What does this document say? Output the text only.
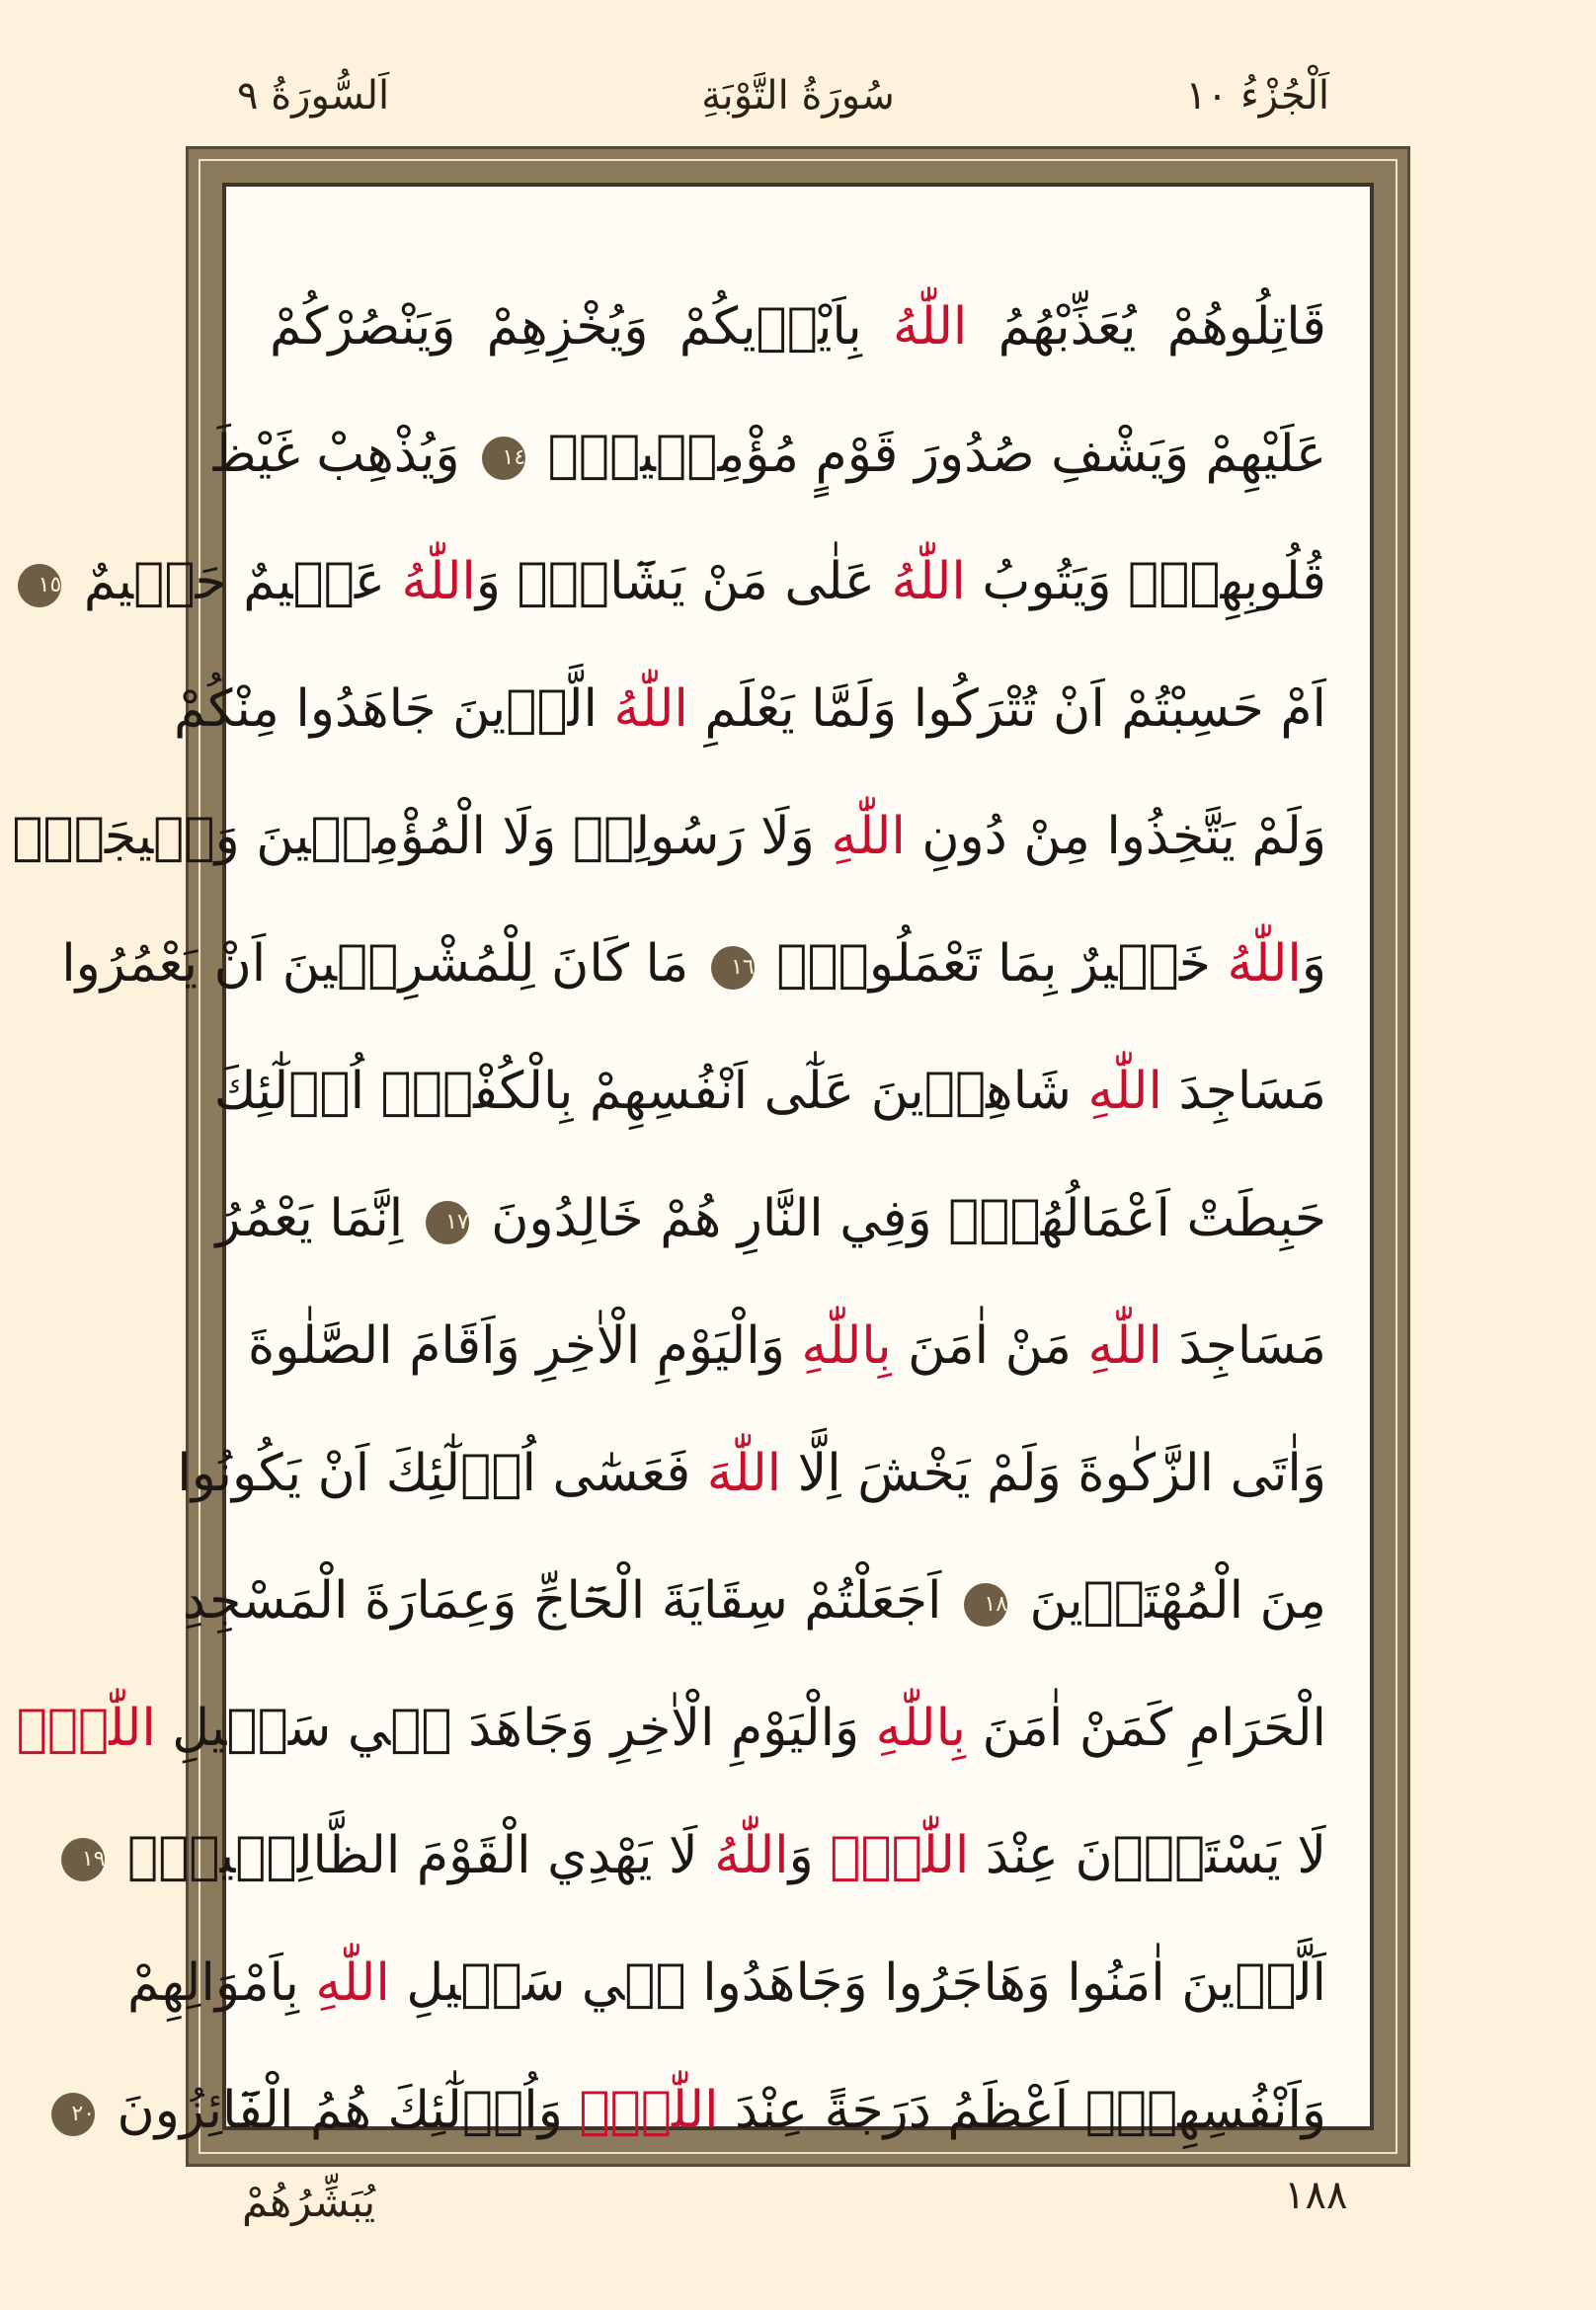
اَلْجُزْءُ ١٠
سُورَةُ التَّوْبَةِ
اَلسُّورَةُ ٩
قَاتِلُوهُمْ يُعَذِّبْهُمُ اللّٰهُ بِاَيْد۪يكُمْ وَيُخْزِهِمْ وَيَنْصُرْكُمْ
عَلَيْهِمْ وَيَشْفِ صُدُورَ قَوْمٍ مُؤْمِن۪ينَۙ ١٤ وَيُذْهِبْ غَيْظَ
قُلُوبِهِمْۜ وَيَتُوبُ اللّٰهُ عَلٰى مَنْ يَشَٓاءُۜ وَاللّٰهُ عَل۪يمٌ حَك۪يمٌ ١٥
اَمْ حَسِبْتُمْ اَنْ تُتْرَكُوا وَلَمَّا يَعْلَمِ اللّٰهُ الَّذ۪ينَ جَاهَدُوا مِنْكُمْ
وَلَمْ يَتَّخِذُوا مِنْ دُونِ اللّٰهِ وَلَا رَسُولِه۪ وَلَا الْمُؤْمِن۪ينَ وَل۪يجَةًۜ
وَاللّٰهُ خَب۪يرٌ بِمَا تَعْمَلُونَ۟ ١٦ مَا كَانَ لِلْمُشْرِك۪ينَ اَنْ يَعْمُرُوا
مَسَاجِدَ اللّٰهِ شَاهِد۪ينَ عَلٰٓى اَنْفُسِهِمْ بِالْكُفْرِۜ اُو۬لٰٓئِكَ
حَبِطَتْ اَعْمَالُهُمْۚ وَفِي النَّارِ هُمْ خَالِدُونَ ١٧ اِنَّمَا يَعْمُرُ
مَسَاجِدَ اللّٰهِ مَنْ اٰمَنَ بِاللّٰهِ وَالْيَوْمِ الْاٰخِرِ وَاَقَامَ الصَّلٰوةَ
وَاٰتَى الزَّكٰوةَ وَلَمْ يَخْشَ اِلَّا اللّٰهَ فَعَسٰٓى اُو۬لٰٓئِكَ اَنْ يَكُونُوا
مِنَ الْمُهْتَد۪ينَ ١٨ اَجَعَلْتُمْ سِقَايَةَ الْحَٓاجِّ وَعِمَارَةَ الْمَسْجِدِ
الْحَرَامِ كَمَنْ اٰمَنَ بِاللّٰهِ وَالْيَوْمِ الْاٰخِرِ وَجَاهَدَ ف۪ي سَب۪يلِ اللّٰهِۜ
لَا يَسْتَوُ۫نَ عِنْدَ اللّٰهِۜ وَاللّٰهُ لَا يَهْدِي الْقَوْمَ الظَّالِم۪ينَۢ ١٩
اَلَّذ۪ينَ اٰمَنُوا وَهَاجَرُوا وَجَاهَدُوا ف۪ي سَب۪يلِ اللّٰهِ بِاَمْوَالِهِمْ
وَاَنْفُسِهِمْۙ اَعْظَمُ دَرَجَةً عِنْدَ اللّٰهِۜ وَاُو۬لٰٓئِكَ هُمُ الْفَٓائِزُونَ ٢٠
١٨٨
يُبَشِّرُهُمْ
